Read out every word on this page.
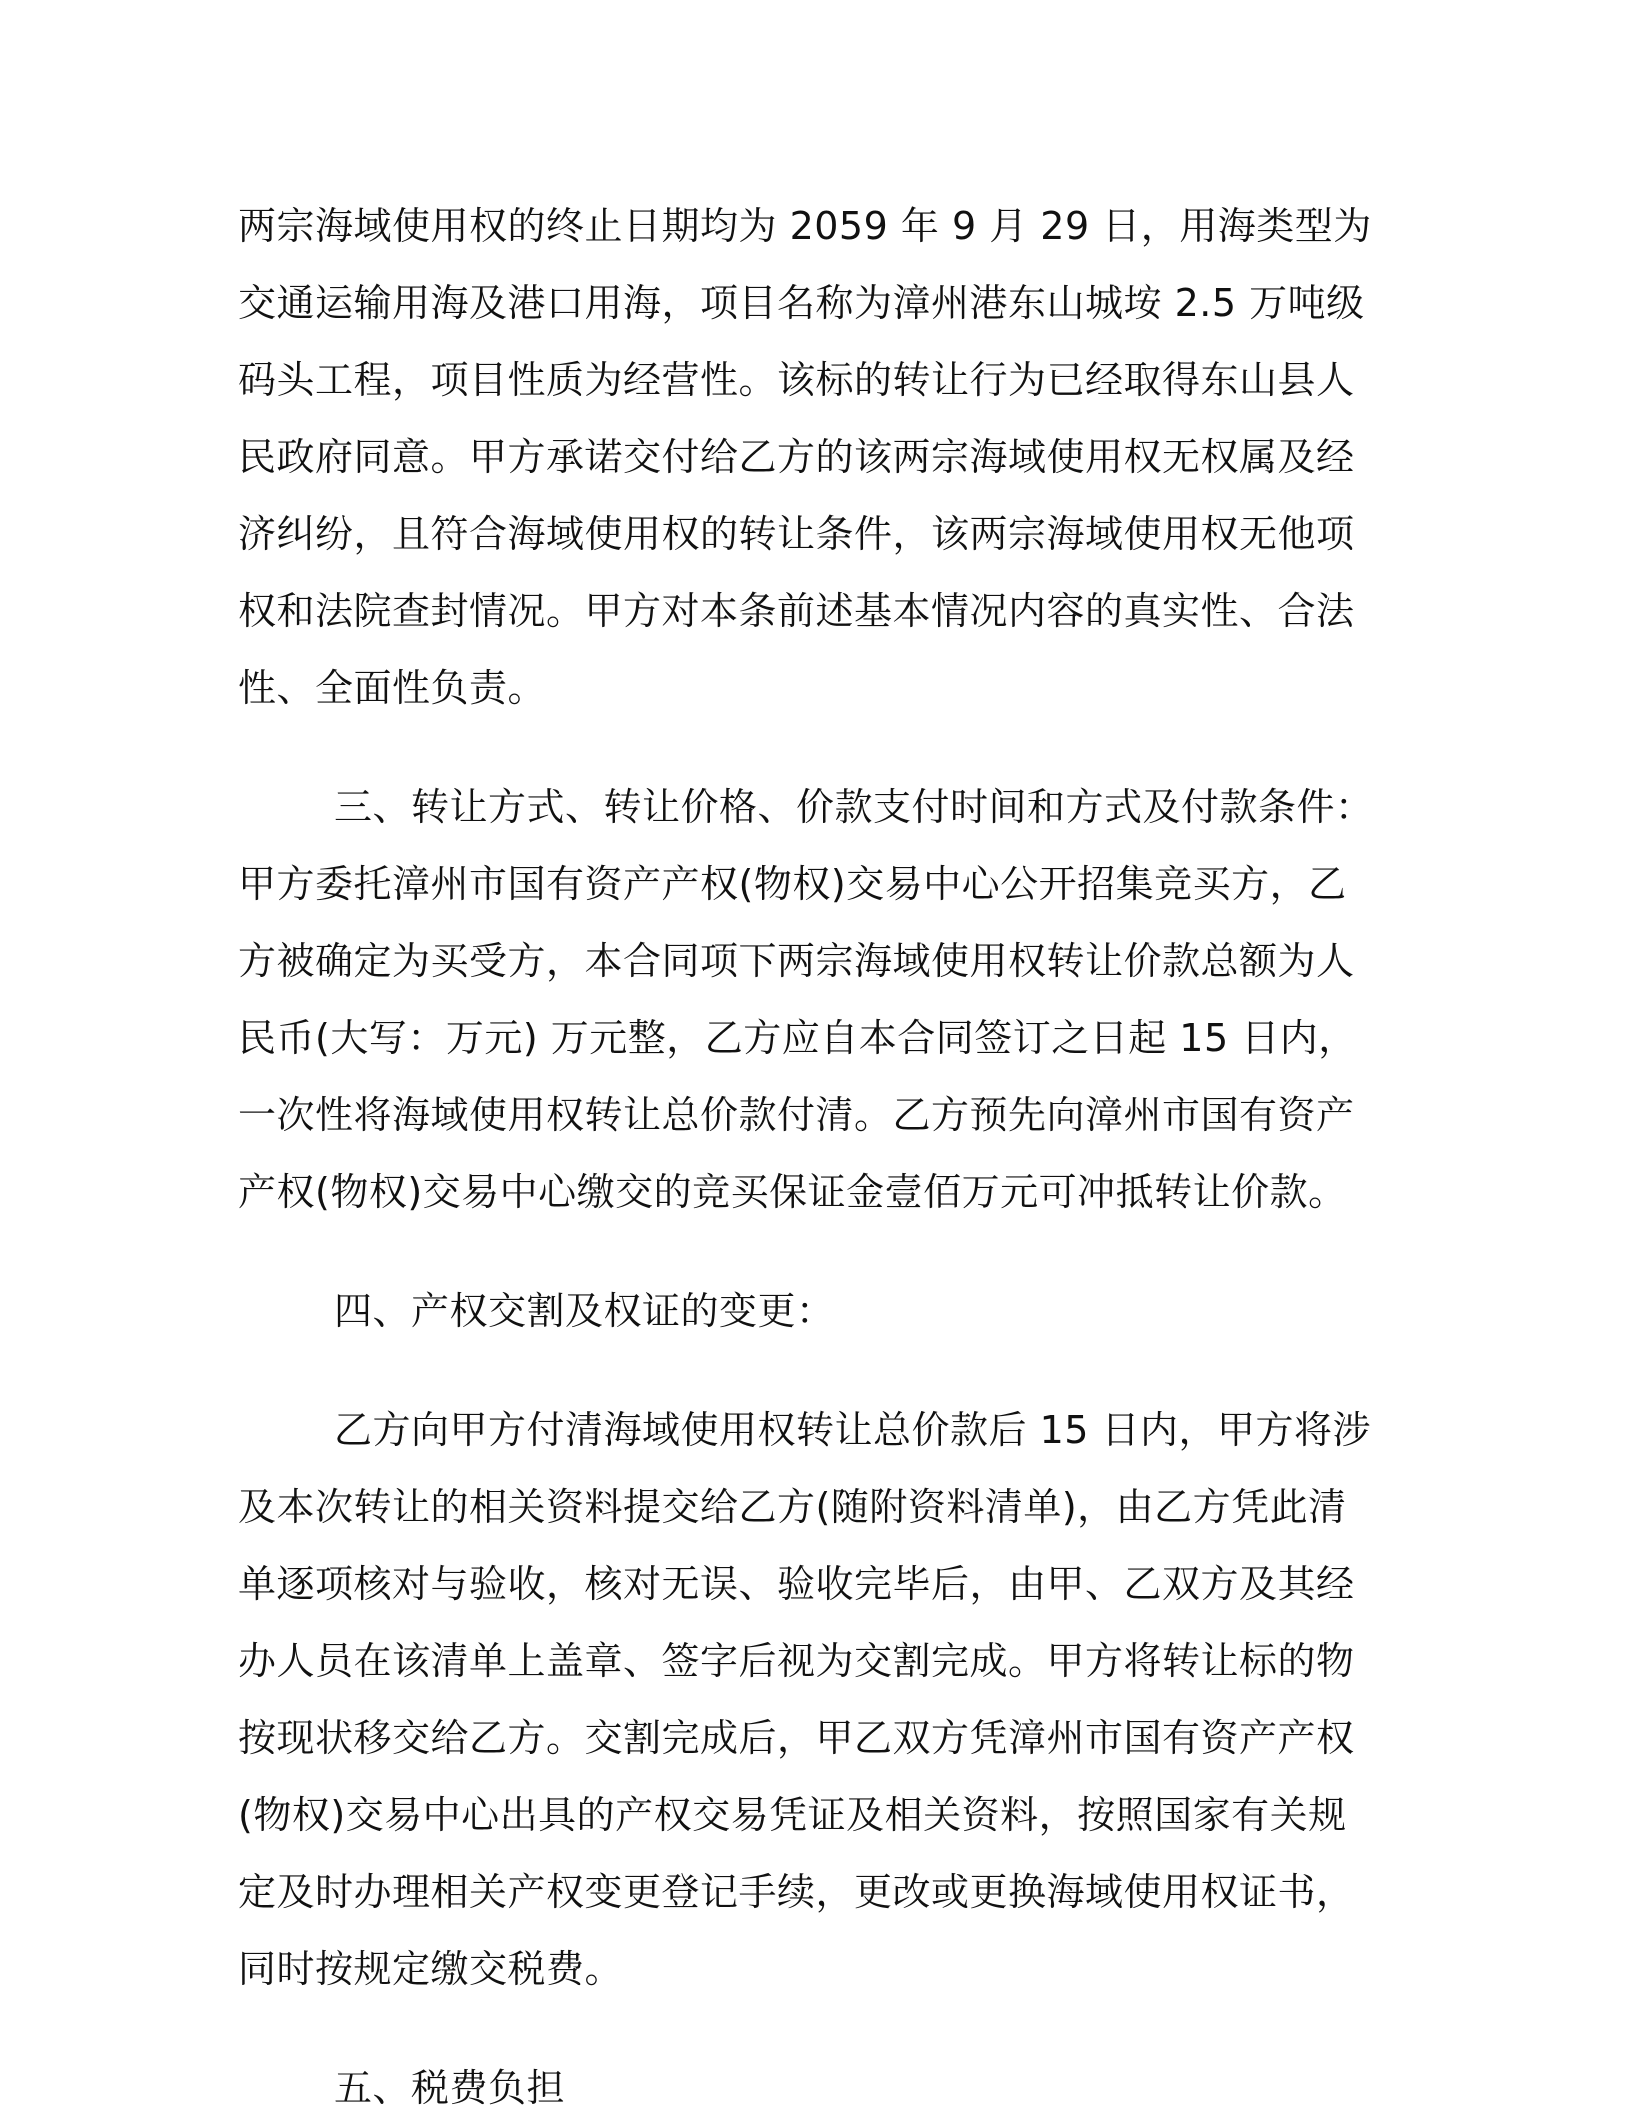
两宗海域使用权的终止日期均为 2059 年 9 月 29 日，用海类型为交通运输用海及港口用海，项目名称为漳州港东山城垵 2.5 万吨级码头工程，项目性质为经营性。该标的转让行为已经取得东山县人民政府同意。甲方承诺交付给乙方的该两宗海域使用权无权属及经济纠纷，且符合海域使用权的转让条件，该两宗海域使用权无他项权和法院查封情况。甲方对本条前述基本情况内容的真实性、合法性、全面性负责。

三、转让方式、转让价格、价款支付时间和方式及付款条件： 甲方委托漳州市国有资产产权(物权)交易中心公开招集竞买方，乙方被确定为买受方，本合同项下两宗海域使用权转让价款总额为人民币(大写：万元) 万元整，乙方应自本合同签订之日起 15 日内，一次性将海域使用权转让总价款付清。乙方预先向漳州市国有资产产权(物权)交易中心缴交的竞买保证金壹佰万元可冲抵转让价款。

四、产权交割及权证的变更：

乙方向甲方付清海域使用权转让总价款后 15 日内，甲方将涉及本次转让的相关资料提交给乙方(随附资料清单)，由乙方凭此清单逐项核对与验收，核对无误、验收完毕后，由甲、乙双方及其经办人员在该清单上盖章、签字后视为交割完成。甲方将转让标的物按现状移交给乙方。交割完成后，甲乙双方凭漳州市国有资产产权(物权)交易中心出具的产权交易凭证及相关资料，按照国家有关规定及时办理相关产权变更登记手续，更改或更换海域使用权证书，同时按规定缴交税费。

五、税费负担
